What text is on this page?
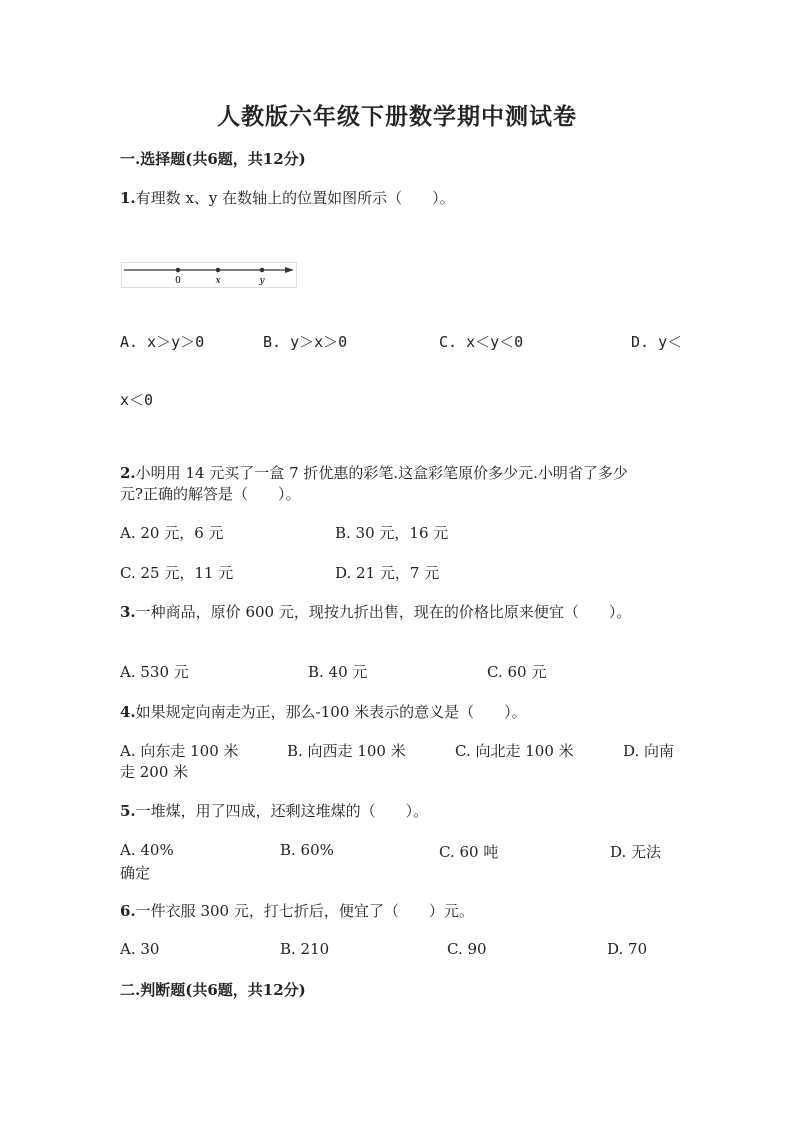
人教版六年级下册数学期中测试卷
一.选择题(共6题，共12分)
1.有理数 x、y 在数轴上的位置如图所示（　　）。
0	x	y
A. x＞y＞0	B. y＞x＞0	C. x＜y＜0	D. y＜
x＜0
2.小明用 14 元买了一盒 7 折优惠的彩笔.这盒彩笔原价多少元.小明省了多少
元?正确的解答是（　　）。
A. 20 元，6 元	B. 30 元，16 元
C. 25 元，11 元	D. 21 元，7 元
3.一种商品，原价 600 元，现按九折出售，现在的价格比原来便宜（　　）。
A. 530 元	B. 40 元	C. 60 元
4.如果规定向南走为正，那么-100 米表示的意义是（　　）。
A. 向东走 100 米	B. 向西走 100 米	C. 向北走 100 米	D. 向南
走 200 米
5.一堆煤，用了四成，还剩这堆煤的（　　）。
A. 40%	B. 60%	C. 60 吨	D. 无法
确定
6.一件衣服 300 元，打七折后，便宜了（　　）元。
A. 30	B. 210	C. 90	D. 70
二.判断题(共6题，共12分)
